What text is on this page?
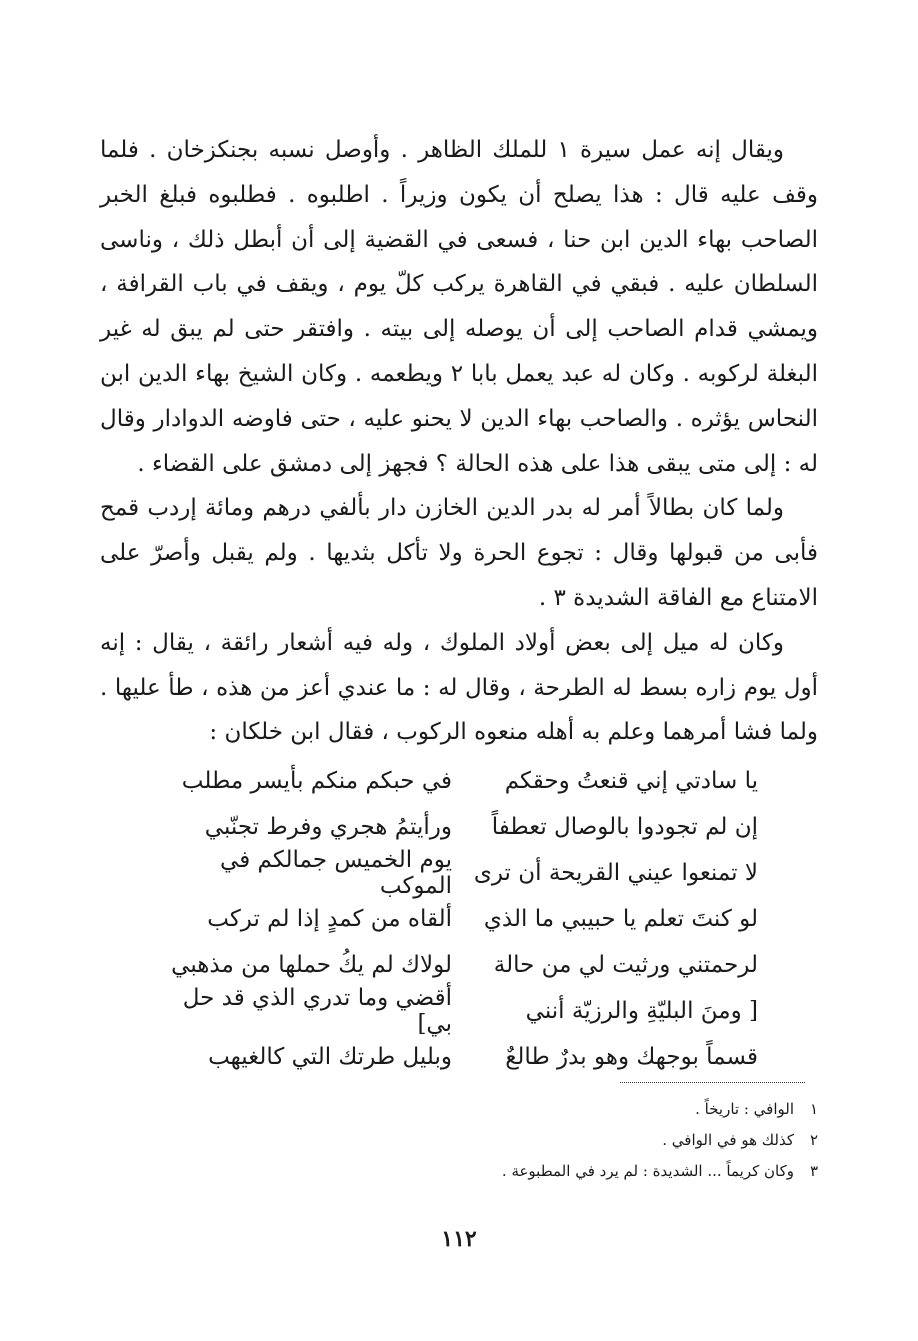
ويقال إنه عمل سيرة ١ للملك الظاهر . وأوصل نسبه بجنكزخان . فلما وقف عليه قال : هذا يصلح أن يكون وزيراً . اطلبوه . فطلبوه فبلغ الخبر الصاحب بهاء الدين ابن حنا ، فسعى في القضية إلى أن أبطل ذلك ، وناسى السلطان عليه . فبقي في القاهرة يركب كلّ يوم ، ويقف في باب القرافة ، ويمشي قدام الصاحب إلى أن يوصله إلى بيته . وافتقر حتى لم يبق له غير البغلة لركوبه . وكان له عبد يعمل بابا ٢ ويطعمه . وكان الشيخ بهاء الدين ابن النحاس يؤثره . والصاحب بهاء الدين لا يحنو عليه ، حتى فاوضه الدوادار وقال له : إلى متى يبقى هذا على هذه الحالة ؟ فجهز إلى دمشق على القضاء .

ولما كان بطالاً أمر له بدر الدين الخازن دار بألفي درهم ومائة إردب قمح فأبى من قبولها وقال : تجوع الحرة ولا تأكل بثديها . ولم يقبل وأصرّ على الامتناع مع الفاقة الشديدة ٣ .

وكان له ميل إلى بعض أولاد الملوك ، وله فيه أشعار رائقة ، يقال : إنه أول يوم زاره بسط له الطرحة ، وقال له : ما عندي أعز من هذه ، طأ عليها . ولما فشا أمرهما وعلم به أهله منعوه الركوب ، فقال ابن خلكان :

يا سادتي إني قنعتُ وحقكم
في حبكم منكم بأيسر مطلب
إن لم تجودوا بالوصال تعطفاً
ورأيتمُ هجري وفرط تجنّبي
لا تمنعوا عيني القريحة أن ترى
يوم الخميس جمالكم في الموكب
لو كنتَ تعلم يا حبيبي ما الذي
ألقاه من كمدٍ إذا لم تركب
لرحمتني ورثيت لي من حالة
لولاك لم يكُ حملها من مذهبي
[ ومنَ البليّةِ والرزيّة أنني
أقضي وما تدري الذي قد حل بي]
قسماً بوجهك وهو بدرٌ طالعٌ
وبليل طرتك التي كالغيهب
١
الوافي : تاريخاً .
٢
كذلك هو في الوافي .
٣
وكان كريماً ... الشديدة : لم يرد في المطبوعة .
١١٢
